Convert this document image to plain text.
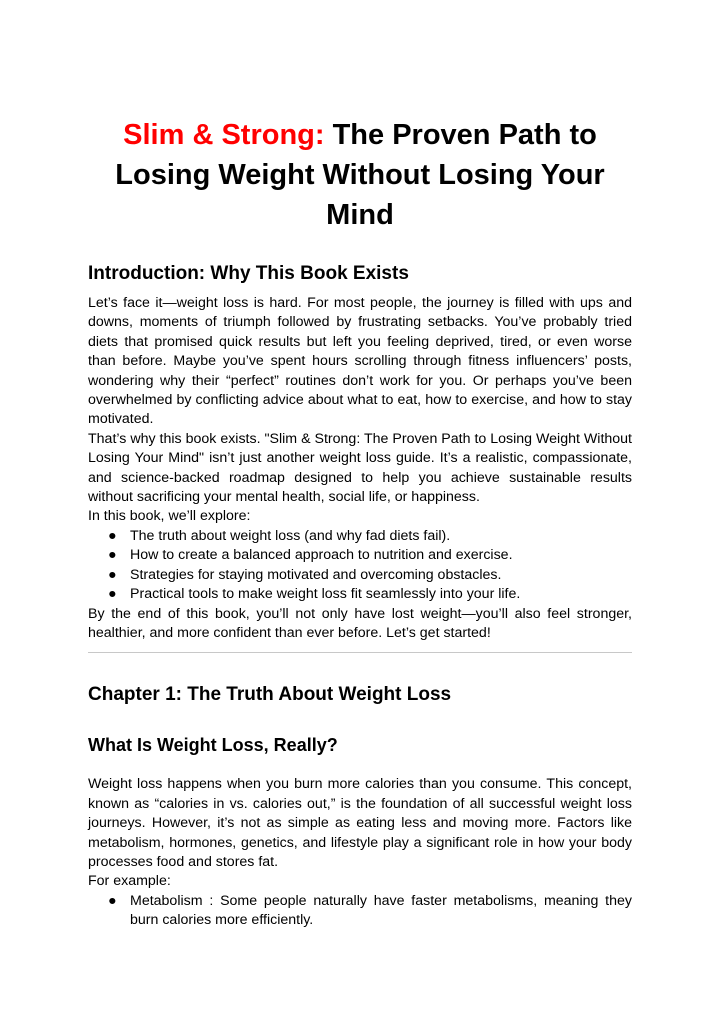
Slim & Strong: The Proven Path to Losing Weight Without Losing Your Mind
Introduction: Why This Book Exists

Let’s face it—weight loss is hard. For most people, the journey is filled with ups and downs, moments of triumph followed by frustrating setbacks. You’ve probably tried diets that promised quick results but left you feeling deprived, tired, or even worse than before. Maybe you’ve spent hours scrolling through fitness influencers’ posts, wondering why their “perfect” routines don’t work for you. Or perhaps you’ve been overwhelmed by conflicting advice about what to eat, how to exercise, and how to stay motivated.

That’s why this book exists. "Slim & Strong: The Proven Path to Losing Weight Without Losing Your Mind" isn’t just another weight loss guide. It’s a realistic, compassionate, and science-backed roadmap designed to help you achieve sustainable results without sacrificing your mental health, social life, or happiness.

In this book, we’ll explore:

● The truth about weight loss (and why fad diets fail).
● How to create a balanced approach to nutrition and exercise.
● Strategies for staying motivated and overcoming obstacles.
● Practical tools to make weight loss fit seamlessly into your life.

By the end of this book, you’ll not only have lost weight—you’ll also feel stronger, healthier, and more confident than ever before. Let’s get started!

Chapter 1: The Truth About Weight Loss
What Is Weight Loss, Really?

Weight loss happens when you burn more calories than you consume. This concept, known as “calories in vs. calories out,” is the foundation of all successful weight loss journeys. However, it’s not as simple as eating less and moving more. Factors like metabolism, hormones, genetics, and lifestyle play a significant role in how your body processes food and stores fat.

For example:

● Metabolism : Some people naturally have faster metabolisms, meaning they burn calories more efficiently.
